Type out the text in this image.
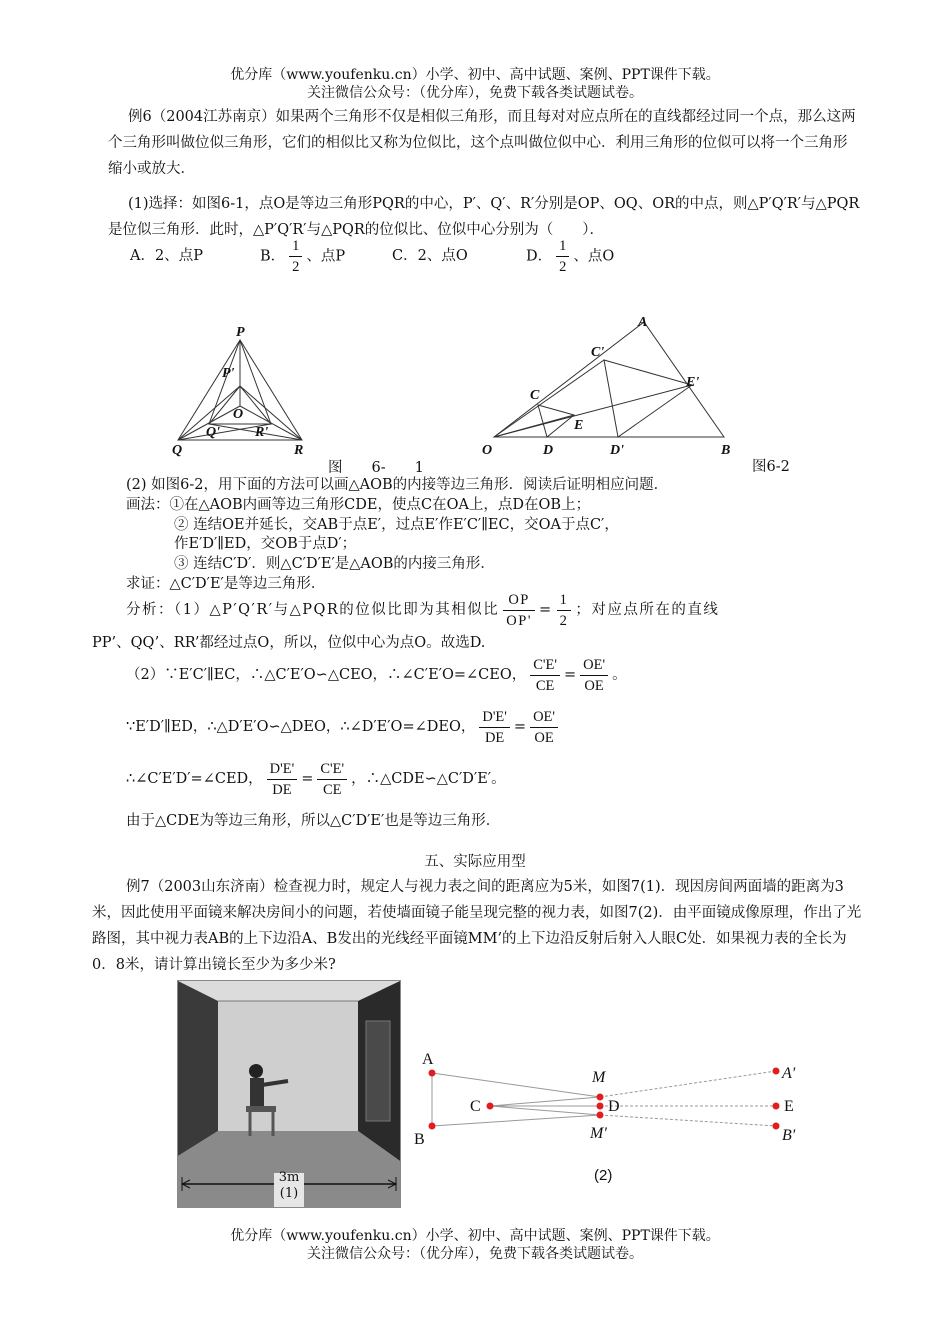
优分库（www.youfenku.cn）小学、初中、高中试题、案例、PPT课件下载。
关注微信公众号：（优分库），免费下载各类试题试卷。
例6（2004江苏南京）如果两个三角形不仅是相似三角形，而且每对对应点所在的直线都经过同一个点，那么这两个三角形叫做位似三角形，它们的相似比又称为位似比，这个点叫做位似中心．利用三角形的位似可以将一个三角形缩小或放大．
(1)选择：如图6-1，点O是等边三角形PQR的中心，P′、Q′、R′分别是OP、OQ、OR的中点，则△P′Q′R′与△PQR是位似三角形．此时，△P′Q′R′与△PQR的位似比、位似中心分别为（　　）．
A．2、点P	B． $\frac{1}{2}$ 、点P	C．2、点O	D． $\frac{1}{2}$ 、点O
P
P'
O
Q'	R'
Q	R
图　　6-　　1
A
C'
E'
C
E
O	D	D'	B
图6-2
(2) 如图6-2，用下面的方法可以画△AOB的内接等边三角形．阅读后证明相应问题．
画法：①在△AOB内画等边三角形CDE，使点C在OA上，点D在OB上；
② 连结OE并延长，交AB于点E′，过点E′作E′C′∥EC，交OA于点C′，
作E′D′∥ED，交OB于点D′；
③ 连结C′D′．则△C′D′E′是△AOB的内接三角形．
求证：△C′D′E′是等边三角形．
分析：（1）△P′Q′R′与△PQR的位似比即为其相似比 $\frac{OP}{OP'} = \frac{1}{2}$ ；对应点所在的直线
PP’、QQ’、RR’都经过点O，所以，位似中心为点O。故选D.
（2）∵E′C′∥EC，∴△C′E′O∽△CEO，∴∠C′E′O=∠CEO， $\frac{C'E'}{CE} = \frac{OE'}{OE}$ 。
∵E′D′∥ED，∴△D′E′O∽△DEO，∴∠D′E′O=∠DEO， $\frac{D'E'}{DE} = \frac{OE'}{OE}$
∴∠C′E′D′=∠CED， $\frac{D'E'}{DE} = \frac{C'E'}{CE}$ ，∴△CDE∽△C′D′E′。
由于△CDE为等边三角形，所以△C′D′E′也是等边三角形．
五、实际应用型
例7（2003山东济南）检查视力时，规定人与视力表之间的距离应为5米，如图7(1)．现因房间两面墙的距离为3米，因此使用平面镜来解决房间小的问题，若使墙面镜子能呈现完整的视力表，如图7(2)．由平面镜成像原理，作出了光路图，其中视力表AB的上下边沿A、B发出的光线经平面镜MM’的上下边沿反射后射入人眼C处．如果视力表的全长为0．8米，请计算出镜长至少为多少米?
3m
(1)
A
M	A'
C	D	E
B	M'	B'
(2)
优分库（www.youfenku.cn）小学、初中、高中试题、案例、PPT课件下载。
关注微信公众号：（优分库），免费下载各类试题试卷。
